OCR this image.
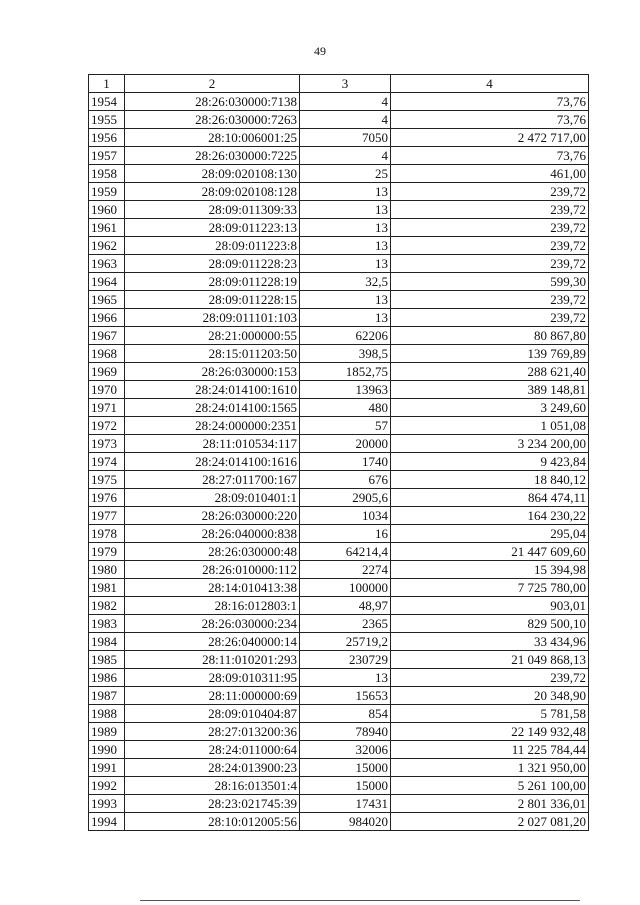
49
1	2	3	4
1954	28:26:030000:7138	4	73,76
1955	28:26:030000:7263	4	73,76
1956	28:10:006001:25	7050	2 472 717,00
1957	28:26:030000:7225	4	73,76
1958	28:09:020108:130	25	461,00
1959	28:09:020108:128	13	239,72
1960	28:09:011309:33	13	239,72
1961	28:09:011223:13	13	239,72
1962	28:09:011223:8	13	239,72
1963	28:09:011228:23	13	239,72
1964	28:09:011228:19	32,5	599,30
1965	28:09:011228:15	13	239,72
1966	28:09:011101:103	13	239,72
1967	28:21:000000:55	62206	80 867,80
1968	28:15:011203:50	398,5	139 769,89
1969	28:26:030000:153	1852,75	288 621,40
1970	28:24:014100:1610	13963	389 148,81
1971	28:24:014100:1565	480	3 249,60
1972	28:24:000000:2351	57	1 051,08
1973	28:11:010534:117	20000	3 234 200,00
1974	28:24:014100:1616	1740	9 423,84
1975	28:27:011700:167	676	18 840,12
1976	28:09:010401:1	2905,6	864 474,11
1977	28:26:030000:220	1034	164 230,22
1978	28:26:040000:838	16	295,04
1979	28:26:030000:48	64214,4	21 447 609,60
1980	28:26:010000:112	2274	15 394,98
1981	28:14:010413:38	100000	7 725 780,00
1982	28:16:012803:1	48,97	903,01
1983	28:26:030000:234	2365	829 500,10
1984	28:26:040000:14	25719,2	33 434,96
1985	28:11:010201:293	230729	21 049 868,13
1986	28:09:010311:95	13	239,72
1987	28:11:000000:69	15653	20 348,90
1988	28:09:010404:87	854	5 781,58
1989	28:27:013200:36	78940	22 149 932,48
1990	28:24:011000:64	32006	11 225 784,44
1991	28:24:013900:23	15000	1 321 950,00
1992	28:16:013501:4	15000	5 261 100,00
1993	28:23:021745:39	17431	2 801 336,01
1994	28:10:012005:56	984020	2 027 081,20
